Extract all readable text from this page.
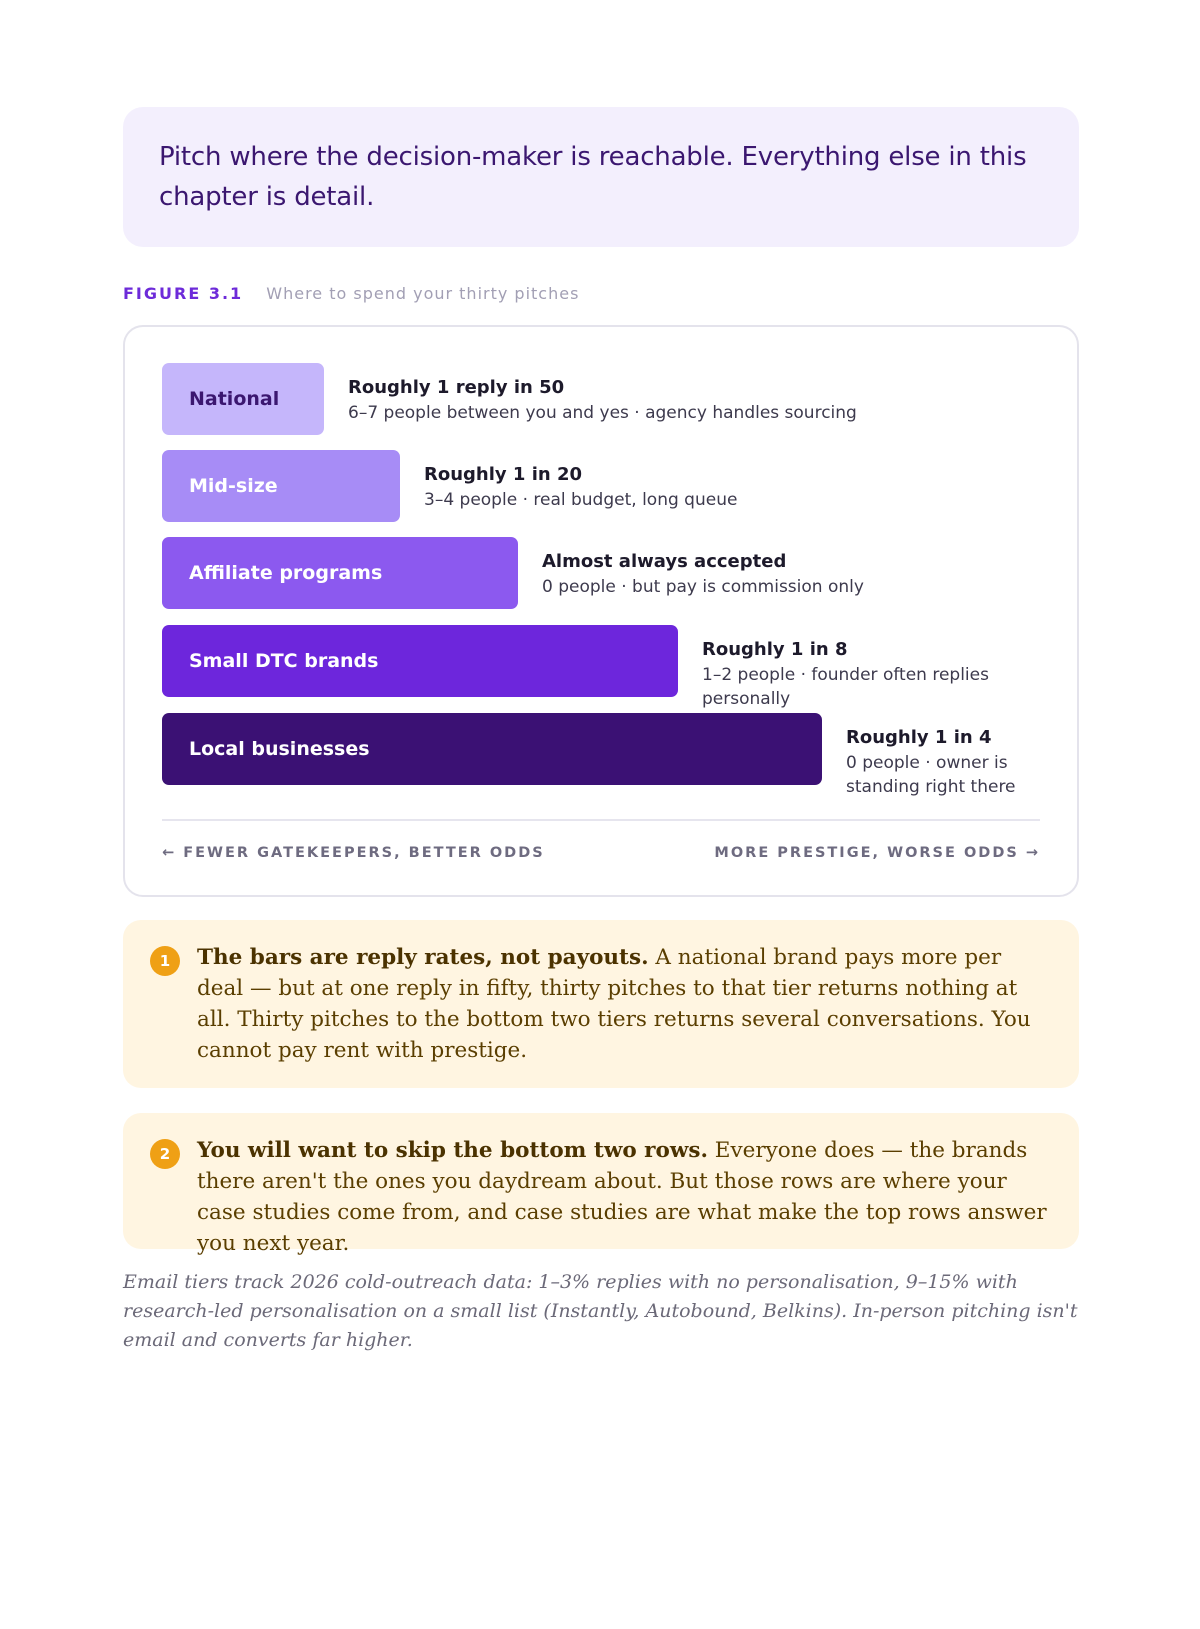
Pitch where the decision-maker is reachable. Everything else in this chapter is detail.
FIGURE 3.1 Where to spend your thirty pitches
National
Roughly 1 reply in 50
6–7 people between you and yes · agency handles sourcing
Mid-size
Roughly 1 in 20
3–4 people · real budget, long queue
Affiliate programs
Almost always accepted
0 people · but pay is commission only
Small DTC brands
Roughly 1 in 8
1–2 people · founder often replies personally
Local businesses
Roughly 1 in 4
0 people · owner is standing right there
← FEWER GATEKEEPERS, BETTER ODDS	MORE PRESTIGE, WORSE ODDS →
1	The bars are reply rates, not payouts. A national brand pays more per deal — but at one reply in fifty, thirty pitches to that tier returns nothing at all. Thirty pitches to the bottom two tiers returns several conversations. You cannot pay rent with prestige.
2	You will want to skip the bottom two rows. Everyone does — the brands there aren't the ones you daydream about. But those rows are where your case studies come from, and case studies are what make the top rows answer you next year.
Email tiers track 2026 cold-outreach data: 1–3% replies with no personalisation, 9–15% with research-led personalisation on a small list (Instantly, Autobound, Belkins). In-person pitching isn't email and converts far higher.
